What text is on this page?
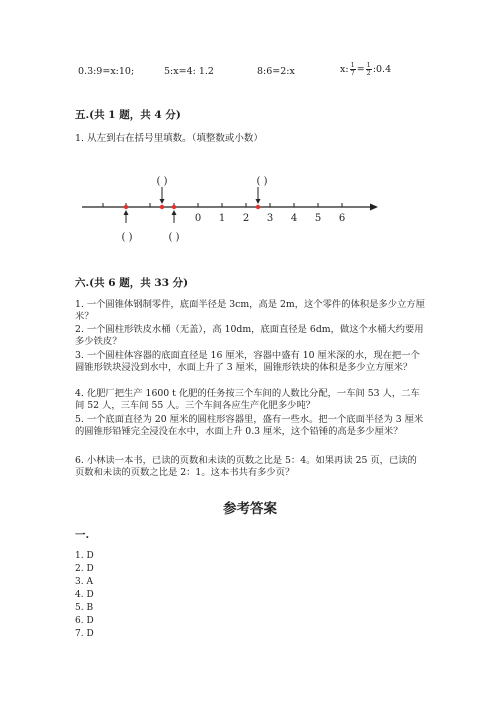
0.3:9=x:10;	5:x=4: 1.2	8:6=2:x	x: $\frac{1}{7} = \frac{1}{2}$ :0.4
五.(共 1 题，共 4 分)
1. 从左到右在括号里填数。（填整数或小数）
0 1 2 3 4 5 6
( )	( )
( )	( )
六.(共 6 题，共 33 分)
1. 一个圆锥体钢制零件，底面半径是 3cm，高是 2m，这个零件的体积是多少立方厘米？
2. 一个圆柱形铁皮水桶（无盖），高 10dm，底面直径是 6dm，做这个水桶大约要用多少铁皮？
3. 一个圆柱体容器的底面直径是 16 厘米，容器中盛有 10 厘米深的水，现在把一个圆锥形铁块浸没到水中，水面上升了 3 厘米，圆锥形铁块的体积是多少立方厘米？
4. 化肥厂把生产 1600 t 化肥的任务按三个车间的人数比分配，一车间 53 人，二车间 52 人，三车间 55 人。三个车间各应生产化肥多少吨？
5. 一个底面直径为 20 厘米的圆柱形容器里，盛有一些水。把一个底面半径为 3 厘米的圆锥形铅锤完全浸没在水中，水面上升 0.3 厘米，这个铅锤的高是多少厘米？
6. 小林读一本书，已读的页数和未读的页数之比是 5：4。如果再读 25 页，已读的页数和未读的页数之比是 2：1。这本书共有多少页？
参考答案
一.
1. D
2. D
3. A
4. D
5. B
6. D
7. D
